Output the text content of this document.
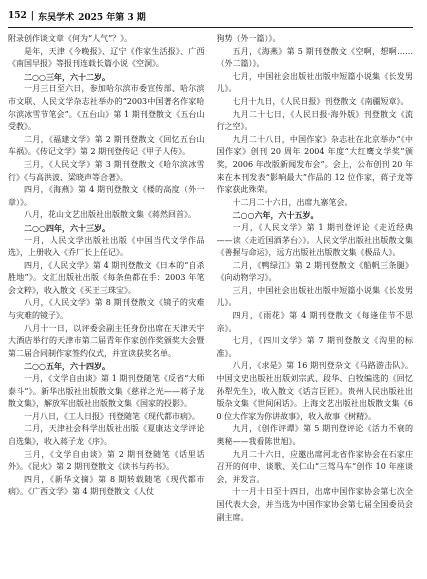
152 | 东吴学术 2025 年第 3 期

附录创作谈文章《何为“人气”？》。

是年，天津《今晚报》、辽宁《作家生活报》、广西《南国早报》等报刊连载长篇小说《空洞》。

二○○三年，六十二岁。

一月三日至六日，参加哈尔滨市委宣传部、哈尔滨市文联、人民文学杂志社举办的“2003中国著名作家哈尔滨冰雪节笔会”。《五台山》第 1 期刊登散文《五台山受教》。

二月，《福建文学》第 2 期刊登散文《回忆五台山车祸》。《传记文学》第 2 期刊登传记《甲子人传》。

三月，《人民文学》第 3 期刊登散文《哈尔滨冰雪行》《与高洪波、梁晓声等合著》。

四月，《海燕》第 4 期刊登散文《楼的高度（外一章）》。

八月，花山文艺出版社出版散文集《蒋然回首》。

二○○四年，六十三岁。

一月，人民文学出版社出版《中国当代文学作品选》，上册收入《乔厂长上任记》。

四月，《人民文学》第 4 期刊登散文《日本的“自杀胜地”》。文汇出版社出版《每条鱼都在手：2003 年笔会文粹》，收入散文《买王三珠宝》。

八月，《人民文学》第 8 期刊登散文《镜子的灾难与灾难的镜子》。

八月十一日，以评委会副主任身份出席在天津天宇大酒店举行的天津市第二届青年作家创作奖颁奖大会暨第二届合同制作家签约仪式，并宣读获奖名单。

二○○五年，六十四岁。

一月，《文学自由谈》第 1 期刊登随笔《反省“大师泰斗”》。新华出版社出版散文集《慈祥之光——蒋子龙散文集》，解放军出版社出版散文集《国家的投影》。

一月八日，《工人日报》刊登随笔《现代都市病》。

二月，天津社会科学出版社出版《夏康达文学评论自选集》，收入蒋子龙《序》。

三月，《文学自由谈》第 2 期刊登随笔《话里话外》。《昆火》第 2 期刊登散文《读书与药书》。

四月，《新华文摘》第 8 期转载随笔《现代都市病》。《广西文学》第 4 期刊登散文《人仗

狗势（外一篇）》。

五月，《海燕》第 5 期刊登散文《空啊，想啊……（外二篇）》。

七月，中国社会出版社出版中短篇小说集《长发男儿》。

七月十九日，《人民日报》刊登散文《南疆短章》。

九月二十七日，《人民日报·海外版》刊登散文《流行之空》。

九月二十八日，中国作家》杂志社在北京举办“《中国作家》创刊 20 周年 2004 年度“大红鹰文学奖”颁奖，2006 年改版新闻发布会”。会上，公布创刊 20 年来在本刊发表“影响最大”作品的 12 位作家，蒋子龙等作家获此殊荣。

十二月二十六日，出席九寨笔会。

二○○六年，六十五岁。

一月，《人民文学》第 1 期刊登评论《走近经典——读〈走近国酒茅台〉》。人民文学出版社出版散文集《善握与命运》，远方出版社出版散文集《极品人》。

二月，《鸭绿江》第 2 期刊登散文《船帆三条腿》《向动物学习》。

三月，中国社会出版社出版中短篇小说集《长发男儿》。

四月，《雨花》第 4 期刊登散文《每逢佳节不思亲》。

七月，《四川文学》第 7 期刊登散文《沟里的标准》。

八月，《求是》第 16 期刊登杂文《马路游击队》。中国文史出版社出版刘宗武、段华、白牧编选的《回忆孙犁先生》，收入散文《话言巨匠》。贵州人民出版社出版杂文集《世间闲话》。上海文艺出版社出版散文集《60 位大作家为你讲故事》，收入故事《树精》。

九月，《创作评谭》第 5 期刊登评论《活力不衰的奥秘——我看陈世旭》。

九月二十六日，应邀出席河北省作家协会在石家庄召开的何申、谈歌、关仁山“三驾马车”创作 10 年座谈会，并发言。

十一月十日至十四日，出席中国作家协会第七次全国代表大会，并当选为中国作家协会第七届全国委员会副主席。
